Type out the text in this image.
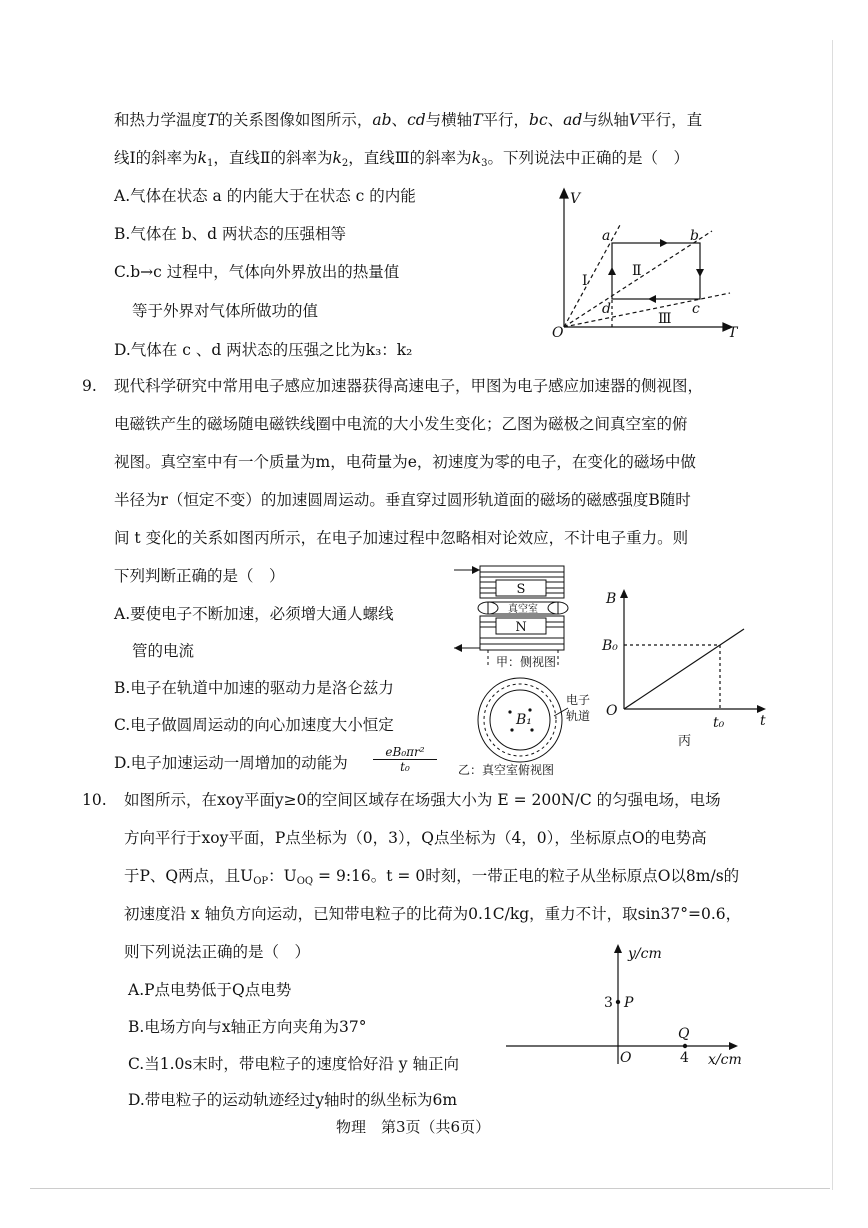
和热力学温度T的关系图像如图所示，ab、cd与横轴T平行，bc、ad与纵轴V平行，直
线Ⅰ的斜率为$k_1$，直线Ⅱ的斜率为$k_2$，直线Ⅲ的斜率为$k_3$。下列说法中正确的是（　）
A.气体在状态 a 的内能大于在状态 c 的内能
B.气体在 b、d 两状态的压强相等
C.b→c 过程中，气体向外界放出的热量值
等于外界对气体所做功的值
D.气体在 c 、d 两状态的压强之比为k₃：k₂
V
T
O
a	b
c
d
Ⅰ
Ⅱ
Ⅲ
9. 现代科学研究中常用电子感应加速器获得高速电子，甲图为电子感应加速器的侧视图，
电磁铁产生的磁场随电磁铁线圈中电流的大小发生变化；乙图为磁极之间真空室的俯
视图。真空室中有一个质量为m，电荷量为e，初速度为零的电子，在变化的磁场中做
半径为r（恒定不变）的加速圆周运动。垂直穿过圆形轨道面的磁场的磁感强度B随时
间 t 变化的关系如图丙所示，在电子加速过程中忽略相对论效应，不计电子重力。则
下列判断正确的是（　）
A.要使电子不断加速，必须增大通人螺线
管的电流
B.电子在轨道中加速的驱动力是洛仑兹力
C.电子做圆周运动的向心加速度大小恒定
D.电子加速运动一周增加的动能为 $\frac{\text{eB₀πr²}}{\text{t₀}}$
S
真空室
N
甲：侧视图
B₁
电子
轨道
乙：真空室俯视图
B
t
O
B₀
t₀
丙
10. 如图所示，在xoy平面y≥0的空间区域存在场强大小为 E = 200N/C 的匀强电场，电场
方向平行于xoy平面，P点坐标为（0，3），Q点坐标为（4，0），坐标原点O的电势高
于P、Q两点，且$U_{OP}$：$U_{OQ}$ = 9:16。t = 0时刻，一带正电的粒子从坐标原点O以8m/s的
初速度沿 x 轴负方向运动，已知带电粒子的比荷为0.1C/kg，重力不计，取sin37°=0.6，
则下列说法正确的是（　）
A.P点电势低于Q点电势
B.电场方向与x轴正方向夹角为37°
C.当1.0s末时，带电粒子的速度恰好沿 y 轴正向
D.带电粒子的运动轨迹经过y轴时的纵坐标为6m
y/cm
x/cm
O
3 P
Q
4
物理　第3页（共6页）
